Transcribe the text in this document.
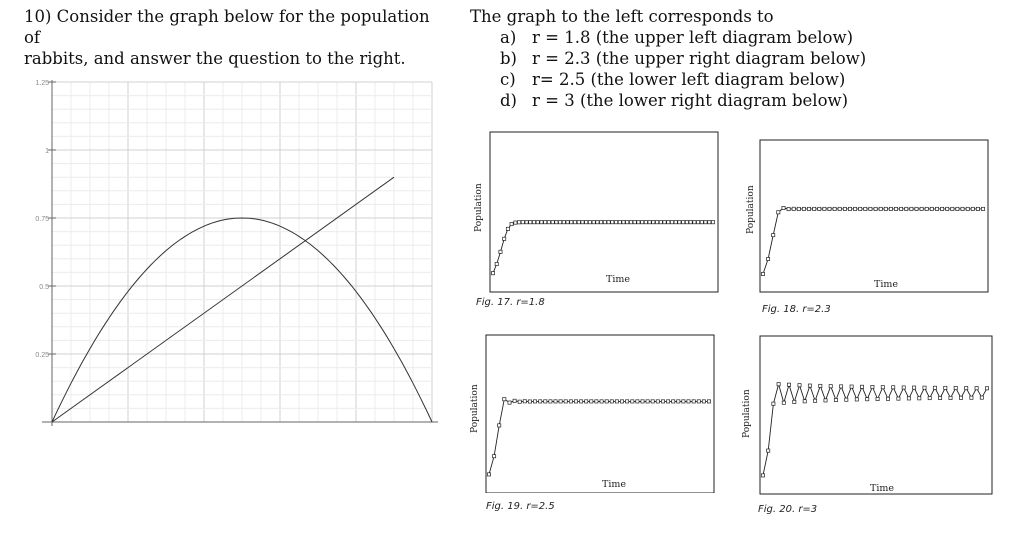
10) Consider the graph below for the population of
rabbits, and answer the question to the right.
The graph to the left corresponds to
a) r = 1.8 (the upper left diagram below)
b) r = 2.3 (the upper right diagram below)
c) r= 2.5 (the lower left diagram below)
d) r = 3 (the lower right diagram below)
1.25
1
0.75
0.5
0.25
Population
Time
Fig. 17. r=1.8
Population
Time
Fig. 18. r=2.3
Population
Time
Fig. 19. r=2.5
Population
Time
Fig. 20. r=3
